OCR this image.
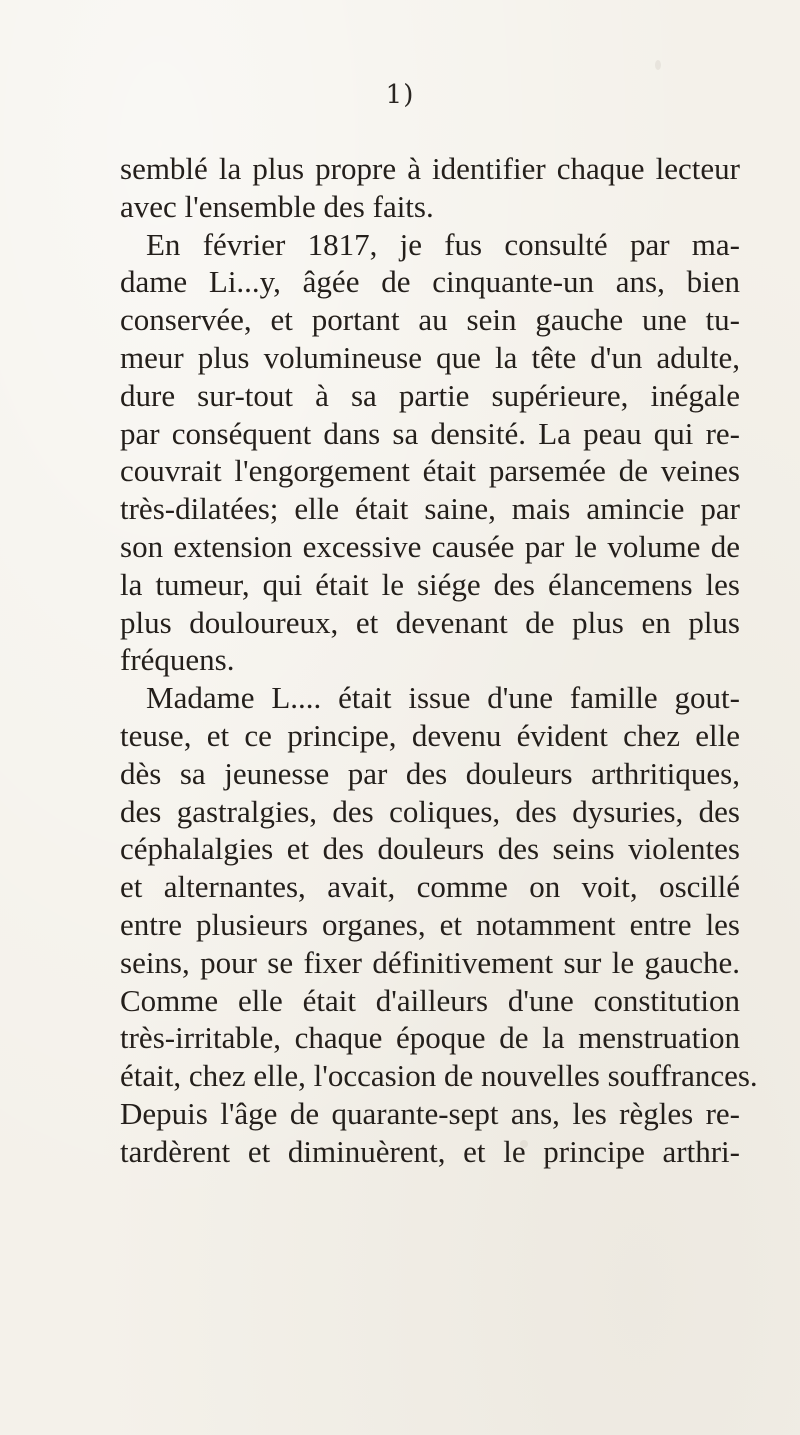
1)
semblé la plus propre à identifier chaque lecteur
avec l'ensemble des faits.
En février 1817, je fus consulté par ma-
dame Li...y, âgée de cinquante-un ans, bien
conservée, et portant au sein gauche une tu-
meur plus volumineuse que la tête d'un adulte,
dure sur-tout à sa partie supérieure, inégale
par conséquent dans sa densité. La peau qui re-
couvrait l'engorgement était parsemée de veines
très-dilatées; elle était saine, mais amincie par
son extension excessive causée par le volume de
la tumeur, qui était le siége des élancemens les
plus douloureux, et devenant de plus en plus
fréquens.
Madame L.... était issue d'une famille gout-
teuse, et ce principe, devenu évident chez elle
dès sa jeunesse par des douleurs arthritiques,
des gastralgies, des coliques, des dysuries, des
céphalalgies et des douleurs des seins violentes
et alternantes, avait, comme on voit, oscillé
entre plusieurs organes, et notamment entre les
seins, pour se fixer définitivement sur le gauche.
Comme elle était d'ailleurs d'une constitution
très-irritable, chaque époque de la menstruation
était, chez elle, l'occasion de nouvelles souffrances.
Depuis l'âge de quarante-sept ans, les règles re-
tardèrent et diminuèrent, et le principe arthri-
